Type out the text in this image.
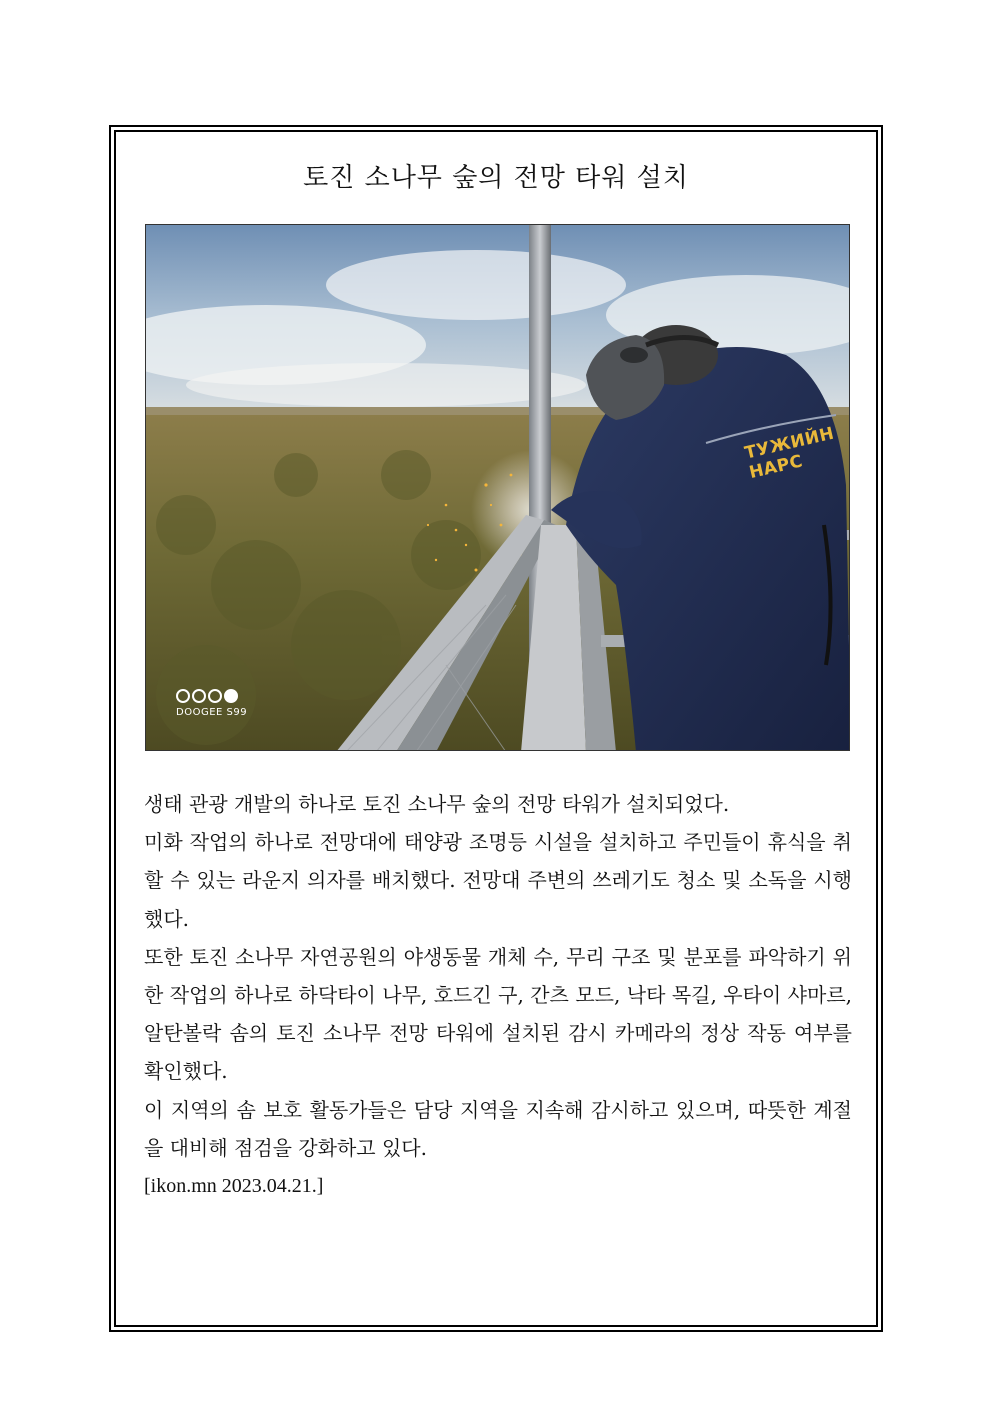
토진 소나무 숲의 전망 타워 설치
ТУЖИЙН НАРС
DOOGEE S99

생태 관광 개발의 하나로 토진 소나무 숲의 전망 타워가 설치되었다.

미화 작업의 하나로 전망대에 태양광 조명등 시설을 설치하고 주민들이 휴식을 취할 수 있는 라운지 의자를 배치했다. 전망대 주변의 쓰레기도 청소 및 소독을 시행했다.

또한 토진 소나무 자연공원의 야생동물 개체 수, 무리 구조 및 분포를 파악하기 위한 작업의 하나로 하닥타이 나무, 호드긴 구, 간츠 모드, 낙타 목길, 우타이 샤마르, 알탄볼락 솜의 토진 소나무 전망 타워에 설치된 감시 카메라의 정상 작동 여부를 확인했다.

이 지역의 솜 보호 활동가들은 담당 지역을 지속해 감시하고 있으며, 따뜻한 계절을 대비해 점검을 강화하고 있다.

[ikon.mn 2023.04.21.]
